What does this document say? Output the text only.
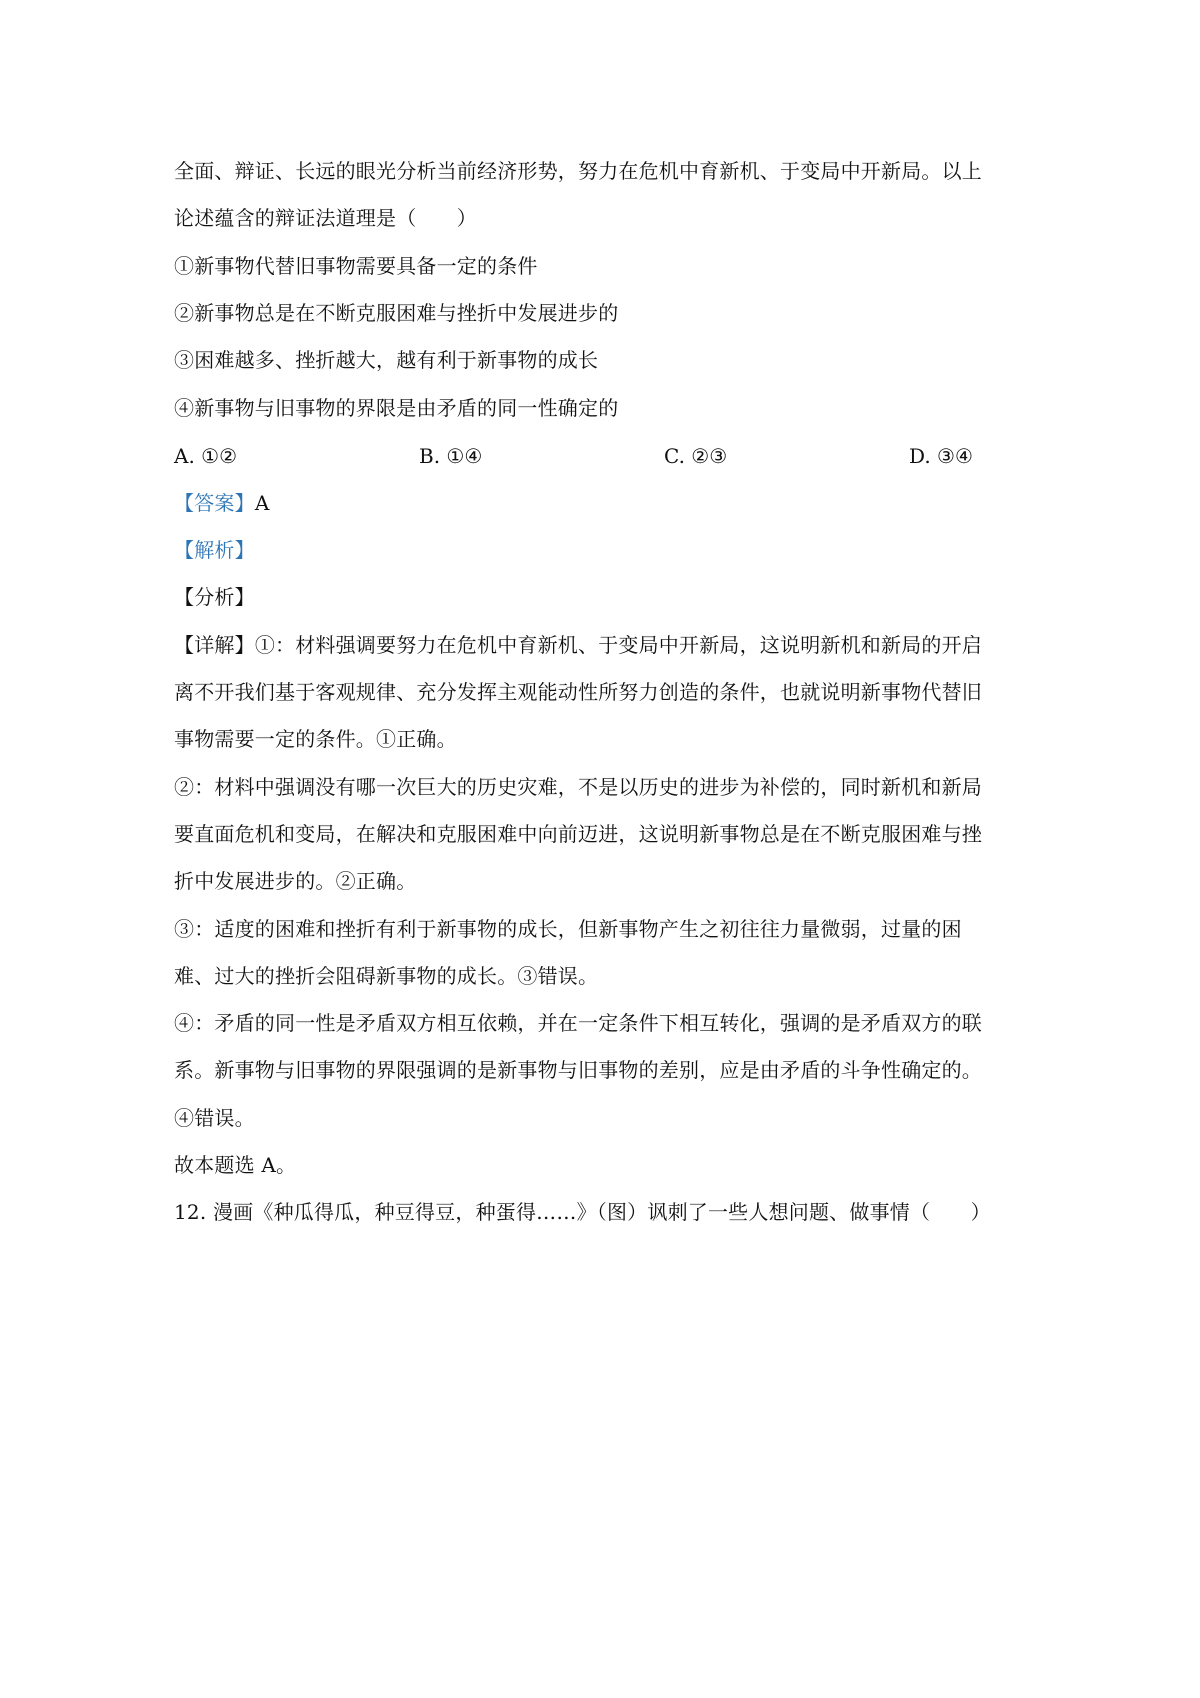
全面、辩证、长远的眼光分析当前经济形势，努力在危机中育新机、于变局中开新局。以上
论述蕴含的辩证法道理是（　　）
①新事物代替旧事物需要具备一定的条件
②新事物总是在不断克服困难与挫折中发展进步的
③困难越多、挫折越大，越有利于新事物的成长
④新事物与旧事物的界限是由矛盾的同一性确定的
A. ①②	B. ①④	C. ②③	D. ③④
【答案】A
【解析】
【分析】
【详解】①：材料强调要努力在危机中育新机、于变局中开新局，这说明新机和新局的开启
离不开我们基于客观规律、充分发挥主观能动性所努力创造的条件，也就说明新事物代替旧
事物需要一定的条件。①正确。
②：材料中强调没有哪一次巨大的历史灾难，不是以历史的进步为补偿的，同时新机和新局
要直面危机和变局，在解决和克服困难中向前迈进，这说明新事物总是在不断克服困难与挫
折中发展进步的。②正确。
③：适度的困难和挫折有利于新事物的成长，但新事物产生之初往往力量微弱，过量的困
难、过大的挫折会阻碍新事物的成长。③错误。
④：矛盾的同一性是矛盾双方相互依赖，并在一定条件下相互转化，强调的是矛盾双方的联
系。新事物与旧事物的界限强调的是新事物与旧事物的差别，应是由矛盾的斗争性确定的。
④错误。
故本题选 A。
12. 漫画《种瓜得瓜，种豆得豆，种蛋得……》（图）讽刺了一些人想问题、做事情（　　）
